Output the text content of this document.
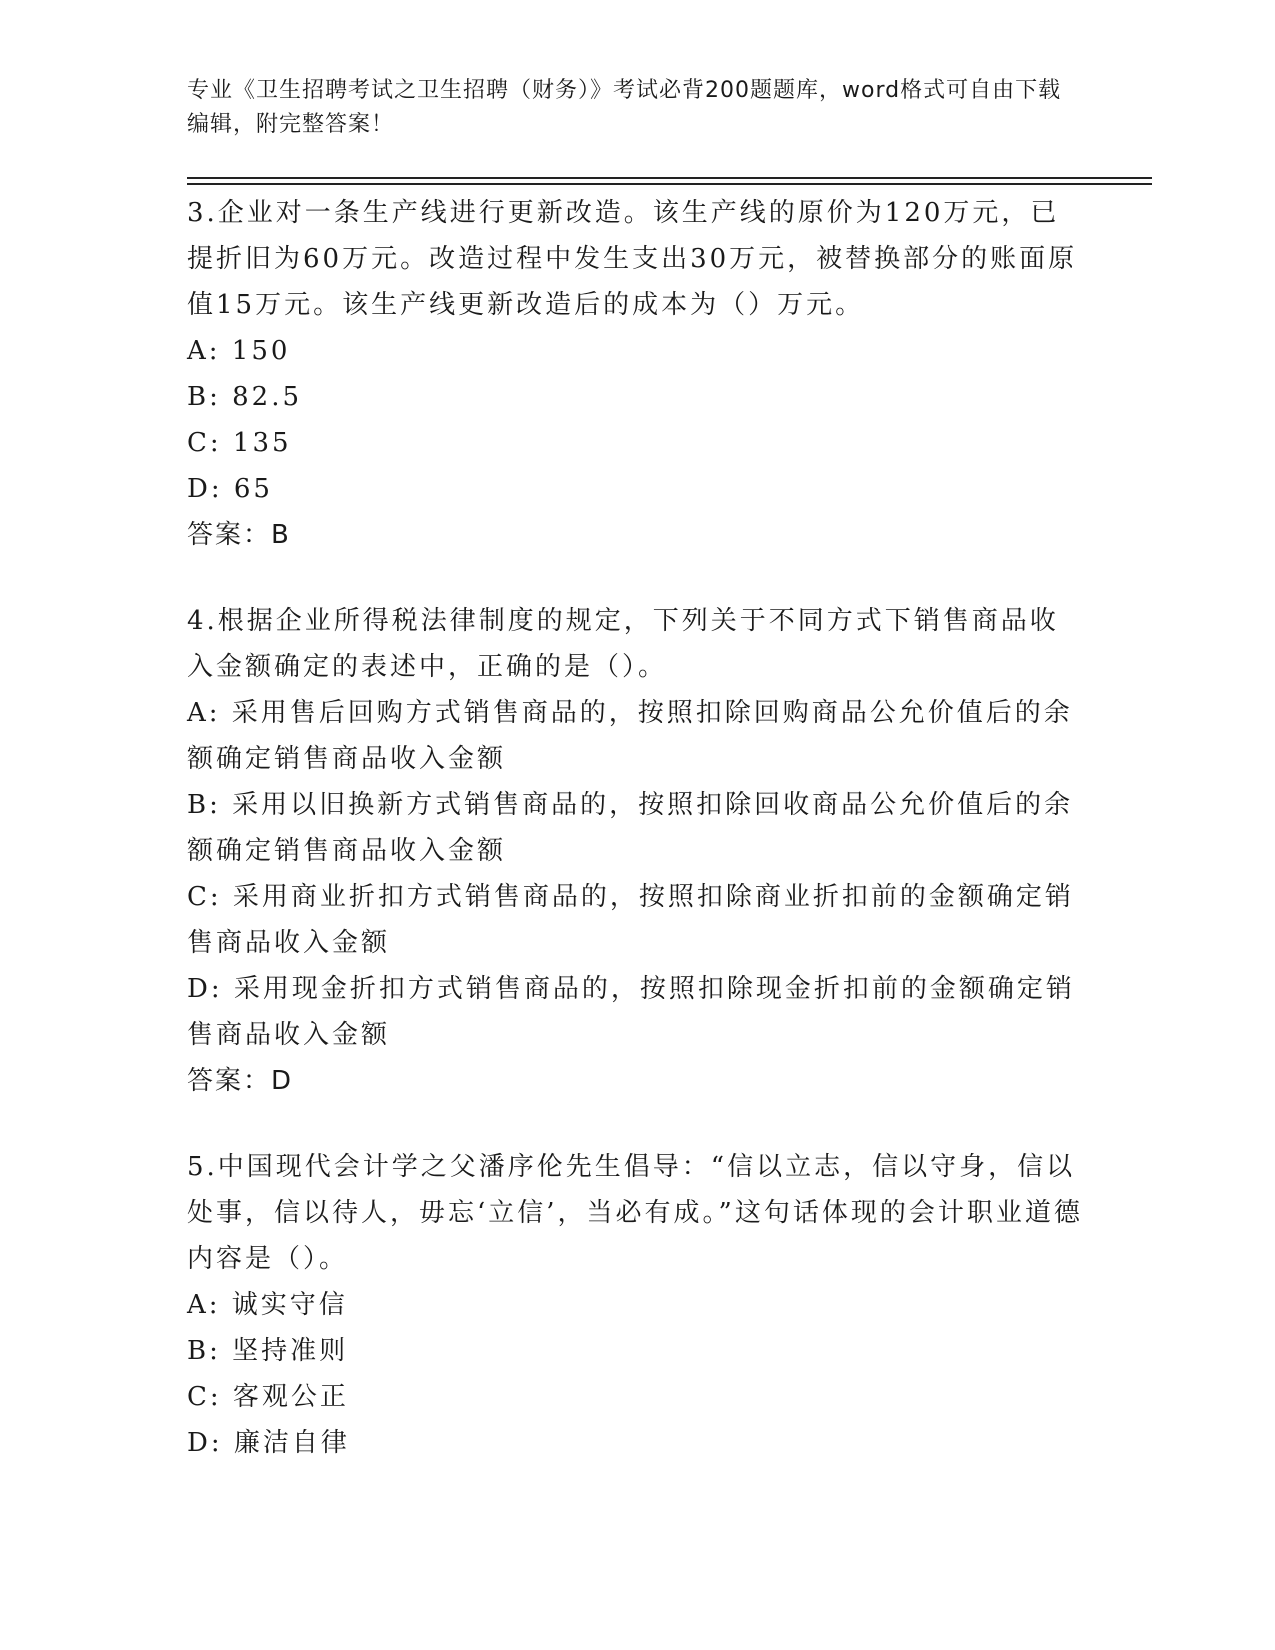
专业《卫生招聘考试之卫生招聘（财务）》考试必背200题题库，word格式可自由下载编辑，附完整答案！

3.企业对一条生产线进行更新改造。该生产线的原价为120万元，已提折旧为60万元。改造过程中发生支出30万元，被替换部分的账面原值15万元。该生产线更新改造后的成本为（）万元。

A: 150

B: 82.5

C: 135

D: 65

答案：B

4.根据企业所得税法律制度的规定，下列关于不同方式下销售商品收入金额确定的表述中，正确的是（）。

A: 采用售后回购方式销售商品的，按照扣除回购商品公允价值后的余额确定销售商品收入金额

B: 采用以旧换新方式销售商品的，按照扣除回收商品公允价值后的余额确定销售商品收入金额

C: 采用商业折扣方式销售商品的，按照扣除商业折扣前的金额确定销售商品收入金额

D: 采用现金折扣方式销售商品的，按照扣除现金折扣前的金额确定销售商品收入金额

答案：D

5.中国现代会计学之父潘序伦先生倡导：“信以立志，信以守身，信以处事，信以待人，毋忘‘立信’，当必有成。”这句话体现的会计职业道德内容是（）。

A: 诚实守信

B: 坚持准则

C: 客观公正

D: 廉洁自律
